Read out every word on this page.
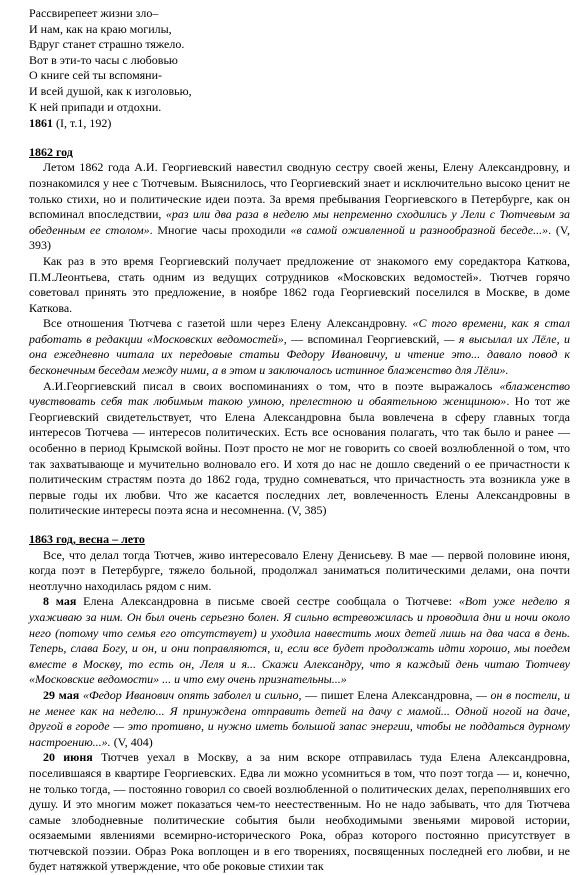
Рассвирепеет жизни зло–
И нам, как на краю могилы,
Вдруг станет страшно тяжело.
Вот в эти-то часы с любовью
О книге сей ты вспомяни-
И всей душой, как к изголовью,
К ней припади и отдохни.
1861 (I, т.1, 192)
1862 год

Летом 1862 года А.И. Георгиевский навестил сводную сестру своей жены, Елену Александровну, и познакомился у нее с Тютчевым. Выяснилось, что Георгиевский знает и исключительно высоко ценит не только стихи, но и политические идеи поэта. За время пребывания Георгиевского в Петербурге, как он вспоминал впоследствии, «раз или два раза в неделю мы непременно сходились у Лели с Тютчевым за обеденным ее столом». Многие часы проходили «в самой оживленной и разнообразной беседе...». (V, 393)

Как раз в это время Георгиевский получает предложение от знакомого ему соредактора Каткова, П.М.Леонтьева, стать одним из ведущих сотрудников «Московских ведомостей». Тютчев горячо советовал принять это предложение, в ноябре 1862 года Георгиевский поселился в Москве, в доме Каткова.

Все отношения Тютчева с газетой шли через Елену Александровну. «С того времени, как я стал работать в редакции «Московских ведомостей», — вспоминал Георгиевский, — я высылал их Лёле, и она ежедневно читала их передовые статьи Федору Ивановичу, и чтение это... давало повод к бесконечным беседам между ними, а в этом и заключалось истинное блаженство для Лёли».

А.И.Георгиевский писал в своих воспоминаниях о том, что в поэте выражалось «блаженство чувствовать себя так любимым такою умною, прелестною и обаятельною женщиною». Но тот же Георгиевский свидетельствует, что Елена Александровна была вовлечена в сферу главных тогда интересов Тютчева — интересов политических. Есть все основания полагать, что так было и ранее — особенно в период Крымской войны. Поэт просто не мог не говорить со своей возлюбленной о том, что так захватывающе и мучительно волновало его. И хотя до нас не дошло сведений о ее причастности к политическим страстям поэта до 1862 года, трудно сомневаться, что причастность эта возникла уже в первые годы их любви. Что же касается последних лет, вовлеченность Елены Александровны в политические интересы поэта ясна и несомненна. (V, 385)

1863 год, весна – лето

Все, что делал тогда Тютчев, живо интересовало Елену Денисьеву. В мае — первой половине июня, когда поэт в Петербурге, тяжело больной, продолжал заниматься политическими делами, она почти неотлучно находилась рядом с ним.

8 мая Елена Александровна в письме своей сестре сообщала о Тютчеве: «Вот уже неделю я ухаживаю за ним. Он был очень серьезно болен. Я сильно встревожилась и проводила дни и ночи около него (потому что семья его отсутствует) и уходила навестить моих детей лишь на два часа в день. Теперь, слава Богу, и он, и они поправляются, и, если все будет продолжать идти хорошо, мы поедем вместе в Москву, то есть он, Леля и я... Скажи Александру, что я каждый день читаю Тютчеву «Московские ведомости» ... и что ему очень признательны...»

29 мая «Федор Иванович опять заболел и сильно, — пишет Елена Александровна, — он в постели, и не менее как на неделю... Я принуждена отправить детей на дачу с мамой... Одной ногой на даче, другой в городе — это противно, и нужно иметь большой запас энергии, чтобы не поддаться дурному настроению...». (V, 404)

20 июня Тютчев уехал в Москву, а за ним вскоре отправилась туда Елена Александровна, поселившаяся в квартире Георгиевских. Едва ли можно усомниться в том, что поэт тогда — и, конечно, не только тогда, — постоянно говорил со своей возлюбленной о политических делах, переполнявших его душу. И это многим может показаться чем-то неестественным. Но не надо забывать, что для Тютчева самые злободневные политические события были необходимыми звеньями мировой истории, осязаемыми явлениями всемирно-исторического Рока, образ которого постоянно присутствует в тютчевской поэзии. Образ Рока воплощен и в его творениях, посвященных последней его любви, и не будет натяжкой утверждение, что обе роковые стихии так
